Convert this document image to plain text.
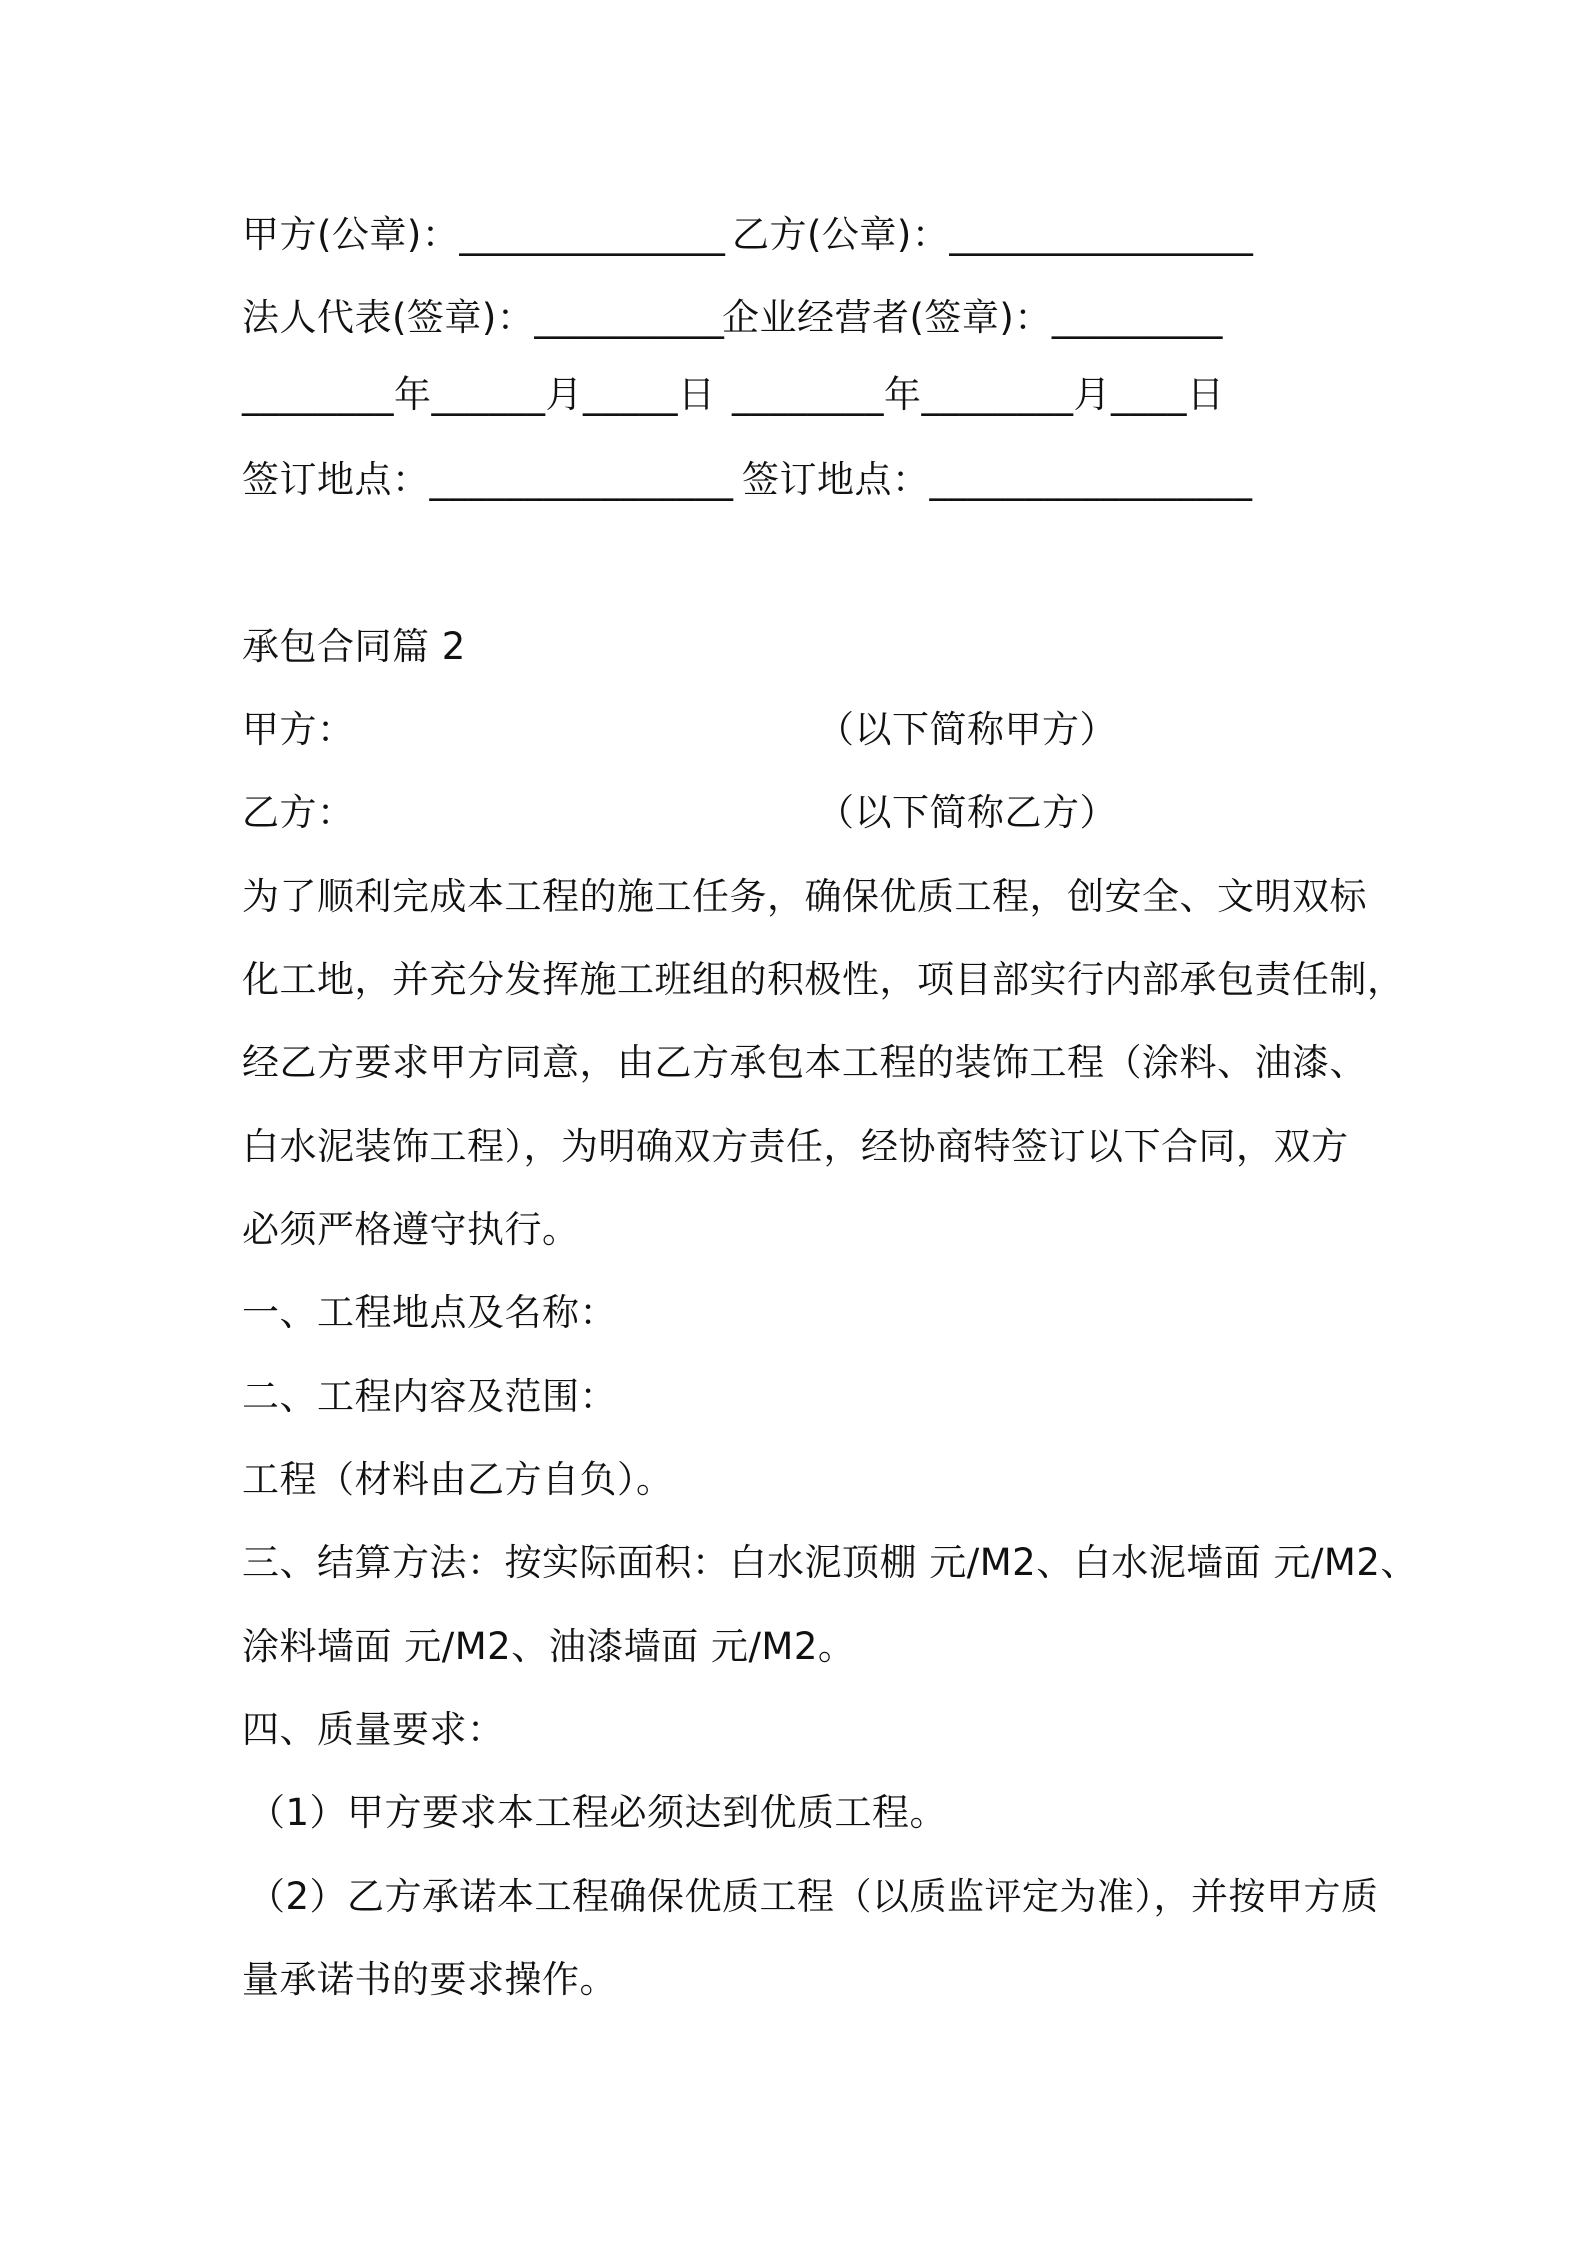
甲方(公章)：______________ 乙方(公章)：________________
法人代表(签章)：__________
企业经营者(签章)：_________
________年______月_____日 ________年________月____日
签订地点：________________ 签订地点：_________________
承包合同篇 2
甲方：	（以下简称甲方）
乙方：	（以下简称乙方）
为了顺利完成本工程的施工任务，确保优质工程，创安全、文明双标
化工地，并充分发挥施工班组的积极性，项目部实行内部承包责任制，
经乙方要求甲方同意，由乙方承包本工程的装饰工程（涂料、油漆、
白水泥装饰工程），为明确双方责任，经协商特签订以下合同，双方
必须严格遵守执行。
一、工程地点及名称：
二、工程内容及范围：
工程（材料由乙方自负）。
三、结算方法：按实际面积：白水泥顶棚 元/M2、白水泥墙面 元/M2、
涂料墙面 元/M2、油漆墙面 元/M2。
四、质量要求：
（1）甲方要求本工程必须达到优质工程。
（2）乙方承诺本工程确保优质工程（以质监评定为准），并按甲方质
量承诺书的要求操作。
